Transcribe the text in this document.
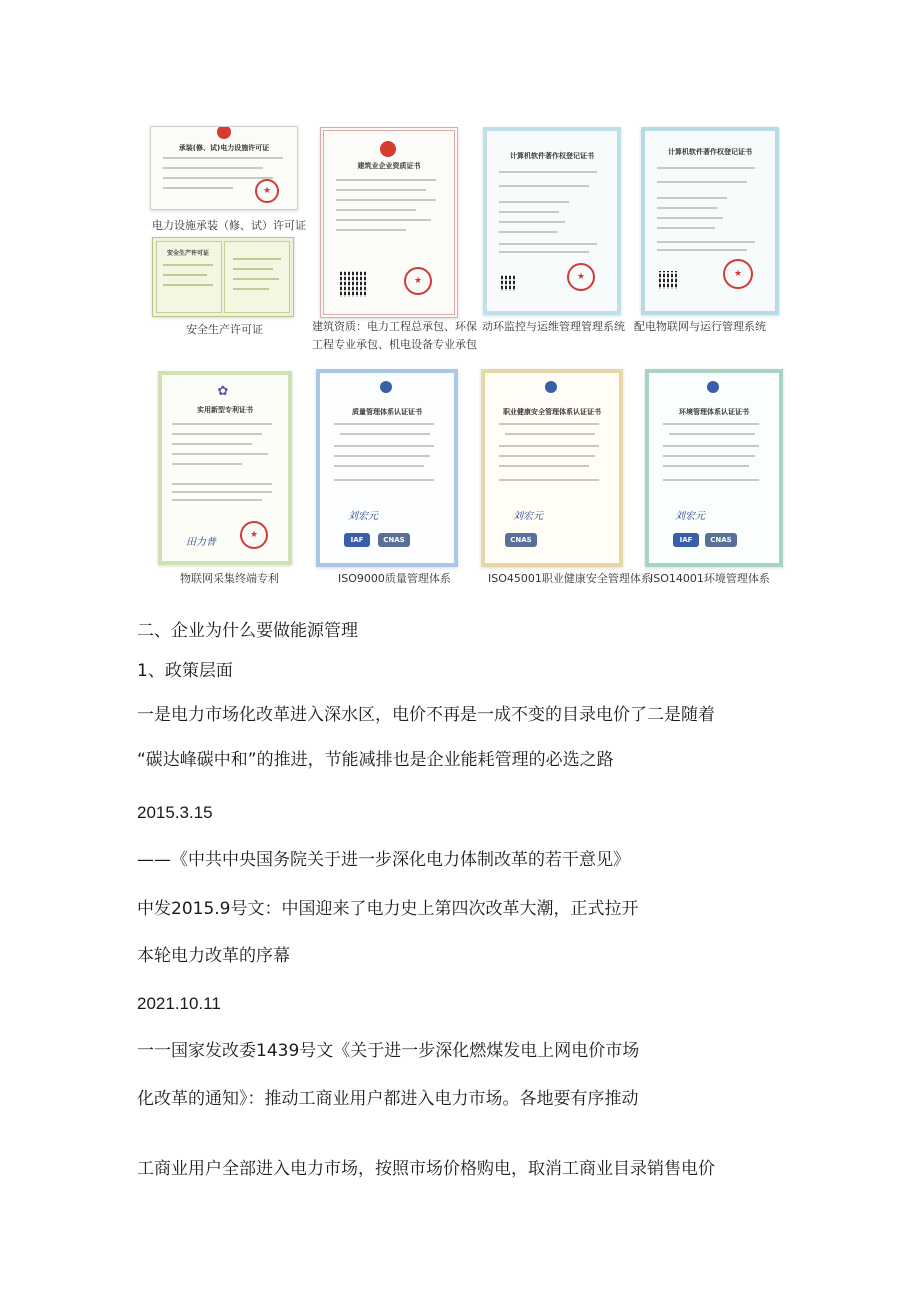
承装(修、试)电力设施许可证
★
电力设施承装（修、试）许可证
安全生产许可证
安全生产许可证
建筑业企业资质证书
★
建筑资质：电力工程总承包、环保
工程专业承包、机电设备专业承包
计算机软件著作权登记证书
★
动环监控与运维管理管理系统
计算机软件著作权登记证书
★
配电物联网与运行管理系统
✿
实用新型专利证书
田力普
★
物联网采集终端专利
质量管理体系认证证书
刘宏元
IAF	CNAS
ISO9000质量管理体系
职业健康安全管理体系认证证书
刘宏元
CNAS
ISO45001职业健康安全管理体系
环境管理体系认证证书
刘宏元
IAF	CNAS
ISO14001环境管理体系
二、企业为什么要做能源管理
1、政策层面
一是电力市场化改革进入深水区，电价不再是一成不变的目录电价了二是随着
“碳达峰碳中和”的推进，节能减排也是企业能耗管理的必选之路
2015.3.15
——《中共中央国务院关于进一步深化电力体制改革的若干意见》
中发2015.9号文：中国迎来了电力史上第四次改革大潮，正式拉开
本轮电力改革的序幕
2021.10.11
一一国家发改委1439号文《关于进一步深化燃煤发电上网电价市场
化改革的通知》：推动工商业用户都进入电力市场。各地要有序推动
工商业用户全部进入电力市场，按照市场价格购电，取消工商业目录销售电价
